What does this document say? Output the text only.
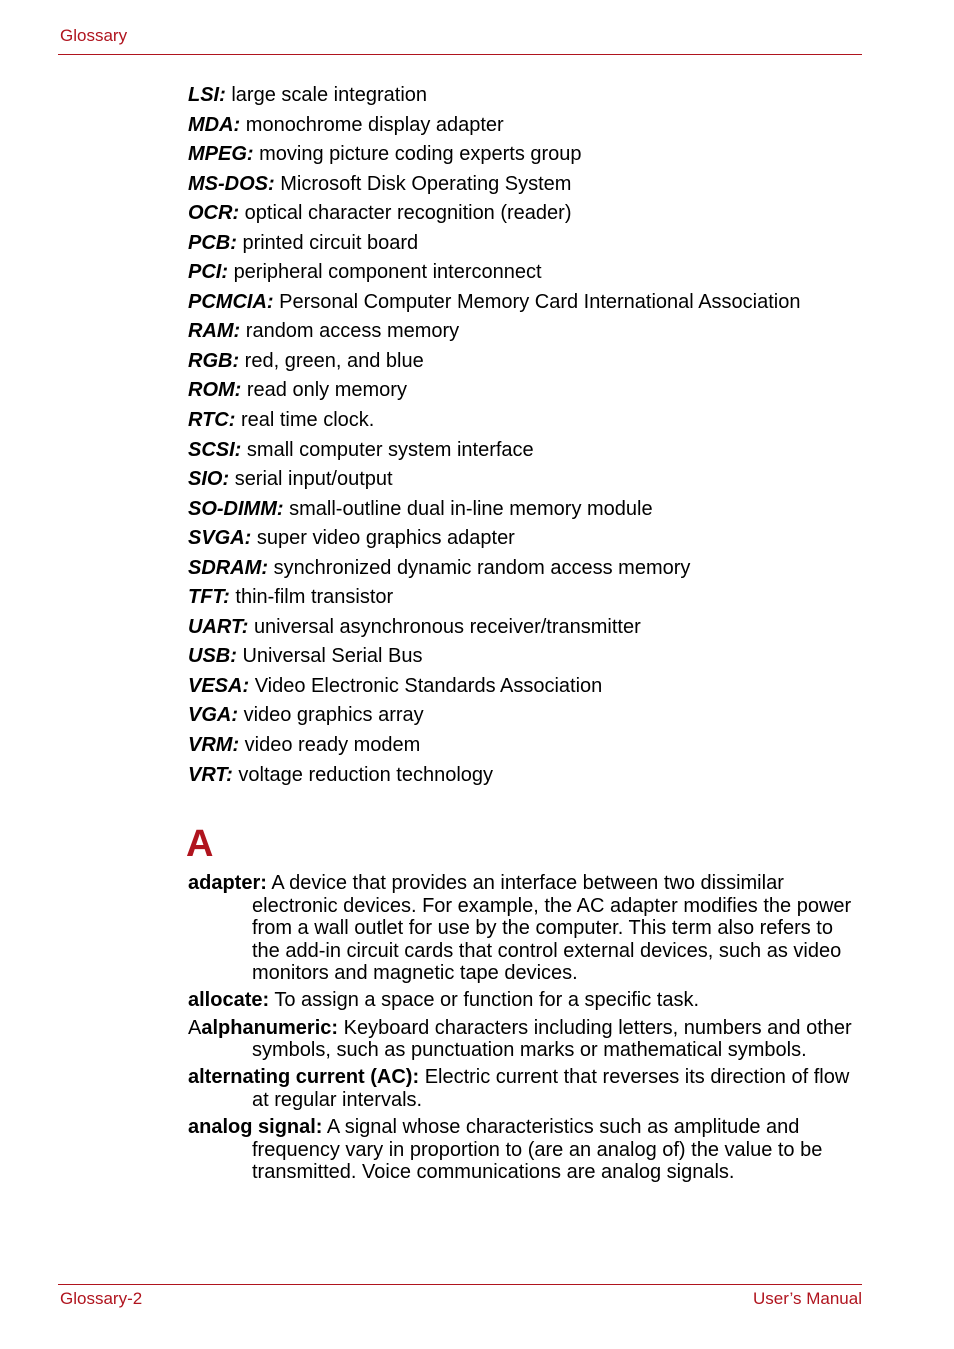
Glossary
LSI: large scale integration
MDA: monochrome display adapter
MPEG: moving picture coding experts group
MS-DOS: Microsoft Disk Operating System
OCR: optical character recognition (reader)
PCB: printed circuit board
PCI: peripheral component interconnect
PCMCIA: Personal Computer Memory Card International Association
RAM: random access memory
RGB: red, green, and blue
ROM: read only memory
RTC: real time clock.
SCSI: small computer system interface
SIO: serial input/output
SO-DIMM: small-outline dual in-line memory module
SVGA: super video graphics adapter
SDRAM: synchronized dynamic random access memory
TFT: thin-film transistor
UART: universal asynchronous receiver/transmitter
USB: Universal Serial Bus
VESA: Video Electronic Standards Association
VGA: video graphics array
VRM: video ready modem
VRT: voltage reduction technology
A
adapter: A device that provides an interface between two dissimilar electronic devices. For example, the AC adapter modifies the power from a wall outlet for use by the computer. This term also refers to the add-in circuit cards that control external devices, such as video monitors and magnetic tape devices.
allocate: To assign a space or function for a specific task.
Aalphanumeric: Keyboard characters including letters, numbers and other symbols, such as punctuation marks or mathematical symbols.
alternating current (AC): Electric current that reverses its direction of flow at regular intervals.
analog signal: A signal whose characteristics such as amplitude and frequency vary in proportion to (are an analog of) the value to be transmitted. Voice communications are analog signals.
Glossary-2	User’s Manual
